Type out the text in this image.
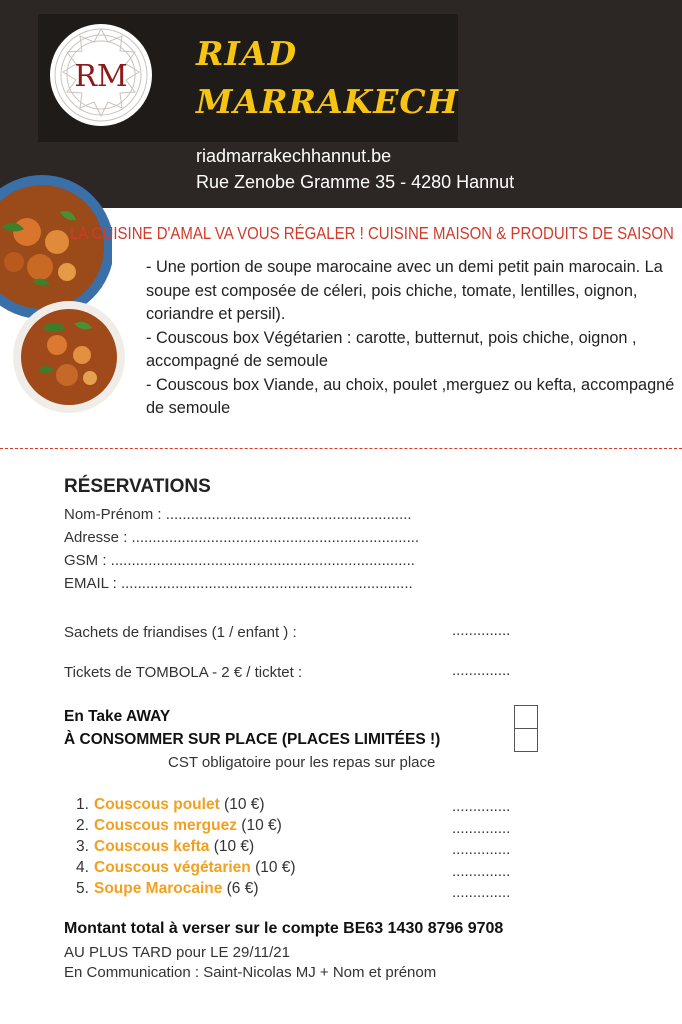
RM
RIAD
MARRAKECH
riadmarrakechhannut.be
Rue Zenobe Gramme 35 - 4280 Hannut
LA CUISINE D'AMAL VA VOUS RÉGALER ! CUISINE MAISON & PRODUITS DE SAISON
- Une portion de soupe marocaine avec un demi petit pain marocain. La soupe est composée de céleri, pois chiche, tomate, lentilles, oignon, coriandre et persil).
- Couscous box Végétarien : carotte, butternut, pois chiche, oignon , accompagné de semoule
- Couscous box Viande, au choix, poulet ,merguez ou kefta, accompagné de semoule
RÉSERVATIONS
Nom-Prénom : ...........................................................
Adresse : .....................................................................
GSM : .........................................................................
EMAIL : ......................................................................
Sachets de friandises (1 / enfant ) :	..............
Tickets de TOMBOLA - 2 € / ticktet :	..............
En Take AWAY
À CONSOMMER SUR PLACE (PLACES LIMITÉES !)
CST obligatoire pour les repas sur place
1. Couscous poulet (10 €)
2. Couscous merguez (10 €)
3. Couscous kefta (10 €)
4. Couscous végétarien (10 €)
5. Soupe Marocaine (6 €)
..............
..............
..............
..............
..............
Montant total à verser sur le compte BE63 1430 8796 9708
AU PLUS TARD pour LE 29/11/21
En Communication : Saint-Nicolas MJ + Nom et prénom
